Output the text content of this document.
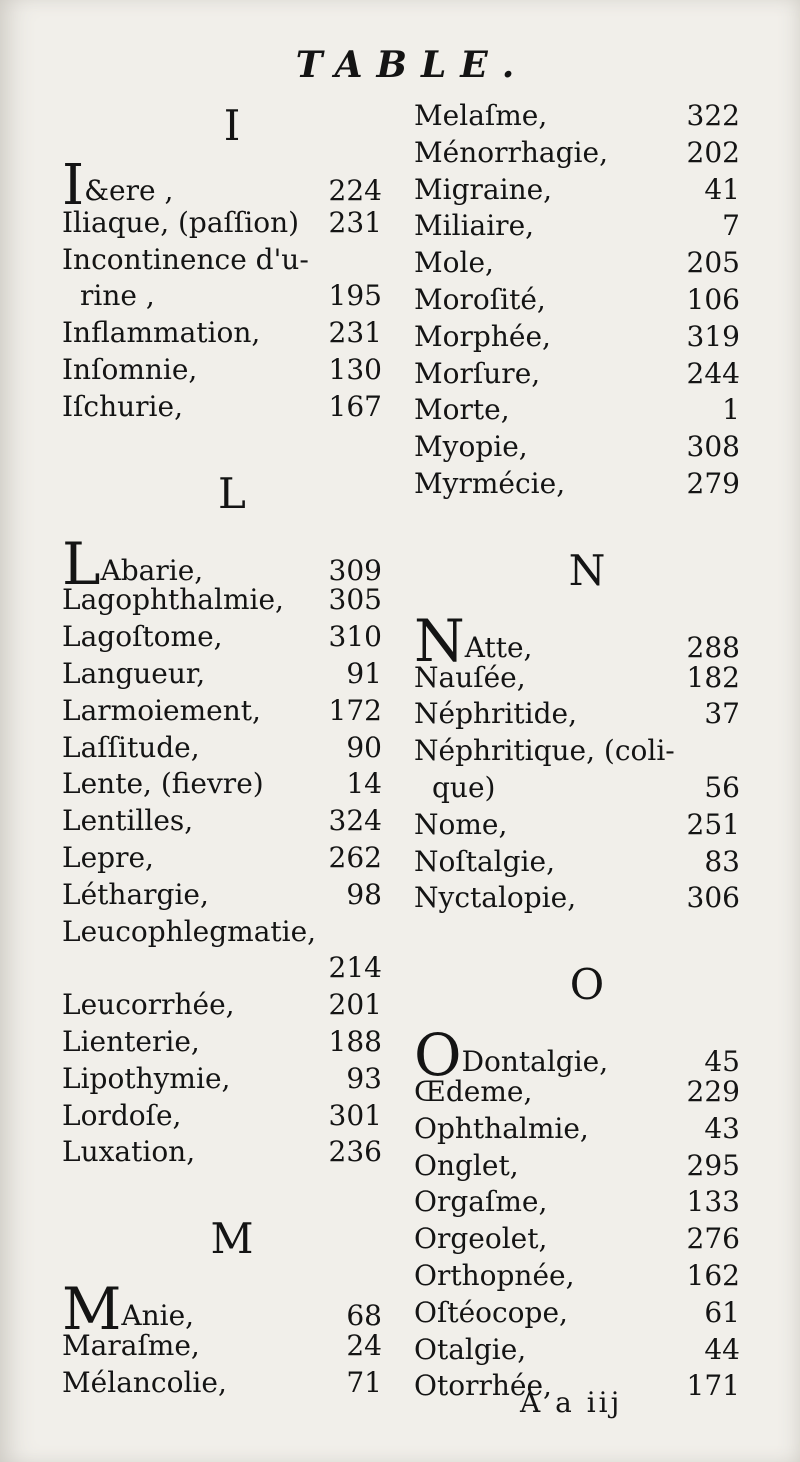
TABLE.
I
I&ere ,	224
Iliaque, (paſſion) 231
Incontinence d'u-
rine ,	195
Inflammation, 231
Inſomnie,	130
Iſchurie,	167
L
LAbarie,	309
Lagophthalmie, 305
Lagoſtome,	310
Langueur,	91
Larmoiement, 172
Laſſitude,	90
Lente, (fievre)	14
Lentilles,	324
Lepre,	262
Léthargie,	98
Leucophlegmatie,
214
Leucorrhée,	201
Lienterie,	188
Lipothymie,	93
Lordoſe,	301
Luxation,	236
M
MAnie,	68
Maraſme,	24
Mélancolie,	71
Melaſme,	322
Ménorrhagie,	202
Migraine,	41
Miliaire,	7
Mole,	205
Moroſité,	106
Morphée,	319
Morſure,	244
Morte,	1
Myopie,	308
Myrmécie,	279
N
NAtte,	288
Nauſée,	182
Néphritide,	37
Néphritique, (coli-
que)	56
Nome,	251
Noſtalgie,	83
Nyctalopie,	306
O
ODontalgie,	45
Œdeme,	229
Ophthalmie,	43
Onglet,	295
Orgaſme,	133
Orgeolet,	276
Orthopnée,	162
Oſtéocope,	61
Otalgie,	44
Otorrhée,	171
A a iij
